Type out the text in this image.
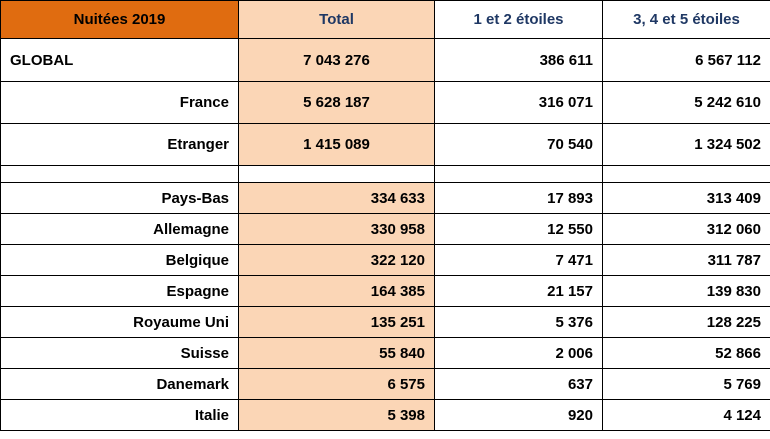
Nuitées 2019	Total	1 et 2 étoiles	3, 4 et 5 étoiles
GLOBAL	7 043 276	386 611	6 567 112
France	5 628 187	316 071	5 242 610
Etranger	1 415 089	70 540	1 324 502

Pays-Bas	334 633	17 893	313 409
Allemagne	330 958	12 550	312 060
Belgique	322 120	7 471	311 787
Espagne	164 385	21 157	139 830
Royaume Uni	135 251	5 376	128 225
Suisse	55 840	2 006	52 866
Danemark	6 575	637	5 769
Italie	5 398	920	4 124
